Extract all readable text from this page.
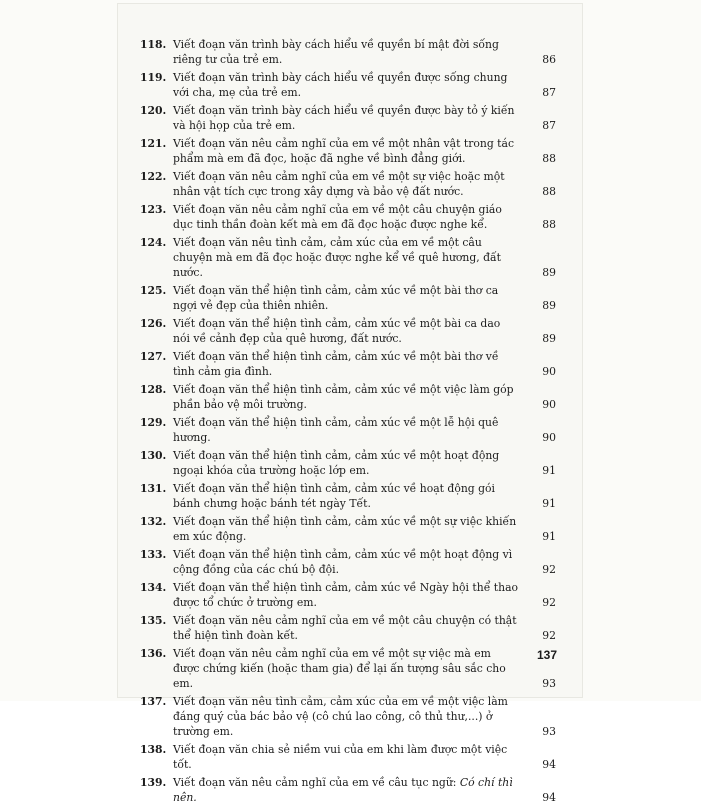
118. Viết đoạn văn trình bày cách hiểu về quyền bí mật đời sống riêng tư của trẻ em.	86
119. Viết đoạn văn trình bày cách hiểu về quyền được sống chung với cha, mẹ của trẻ em.	87
120. Viết đoạn văn trình bày cách hiểu về quyền được bày tỏ ý kiến và hội họp của trẻ em.	87
121. Viết đoạn văn nêu cảm nghĩ của em về một nhân vật trong tác phẩm mà em đã đọc, hoặc đã nghe về bình đẳng giới.	88
122. Viết đoạn văn nêu cảm nghĩ của em về một sự việc hoặc một nhân vật tích cực trong xây dựng và bảo vệ đất nước.	88
123. Viết đoạn văn nêu cảm nghĩ của em về một câu chuyện giáo dục tinh thần đoàn kết mà em đã đọc hoặc được nghe kể.	88
124. Viết đoạn văn nêu tình cảm, cảm xúc của em về một câu chuyện mà em đã đọc hoặc được nghe kể về quê hương, đất nước.	89
125. Viết đoạn văn thể hiện tình cảm, cảm xúc về một bài thơ ca ngợi vẻ đẹp của thiên nhiên.	89
126. Viết đoạn văn thể hiện tình cảm, cảm xúc về một bài ca dao nói về cảnh đẹp của quê hương, đất nước.	89
127. Viết đoạn văn thể hiện tình cảm, cảm xúc về một bài thơ về tình cảm gia đình.	90
128. Viết đoạn văn thể hiện tình cảm, cảm xúc về một việc làm góp phần bảo vệ môi trường.	90
129. Viết đoạn văn thể hiện tình cảm, cảm xúc về một lễ hội quê hương.	90
130. Viết đoạn văn thể hiện tình cảm, cảm xúc về một hoạt động ngoại khóa của trường hoặc lớp em.	91
131. Viết đoạn văn thể hiện tình cảm, cảm xúc về hoạt động gói bánh chưng hoặc bánh tét ngày Tết.	91
132. Viết đoạn văn thể hiện tình cảm, cảm xúc về một sự việc khiến em xúc động.	91
133. Viết đoạn văn thể hiện tình cảm, cảm xúc về một hoạt động vì cộng đồng của các chú bộ đội.	92
134. Viết đoạn văn thể hiện tình cảm, cảm xúc về Ngày hội thể thao được tổ chức ở trường em.	92
135. Viết đoạn văn nêu cảm nghĩ của em về một câu chuyện có thật thể hiện tình đoàn kết.	92
136. Viết đoạn văn nêu cảm nghĩ của em về một sự việc mà em được chứng kiến (hoặc tham gia) để lại ấn tượng sâu sắc cho em.	93
137. Viết đoạn văn nêu tình cảm, cảm xúc của em về một việc làm đáng quý của bác bảo vệ (cô chú lao công, cô thủ thư,...) ở trường em.	93
138. Viết đoạn văn chia sẻ niềm vui của em khi làm được một việc tốt.	94
139. Viết đoạn văn nêu cảm nghĩ của em về câu tục ngữ: Có chí thì nên.	94
137
